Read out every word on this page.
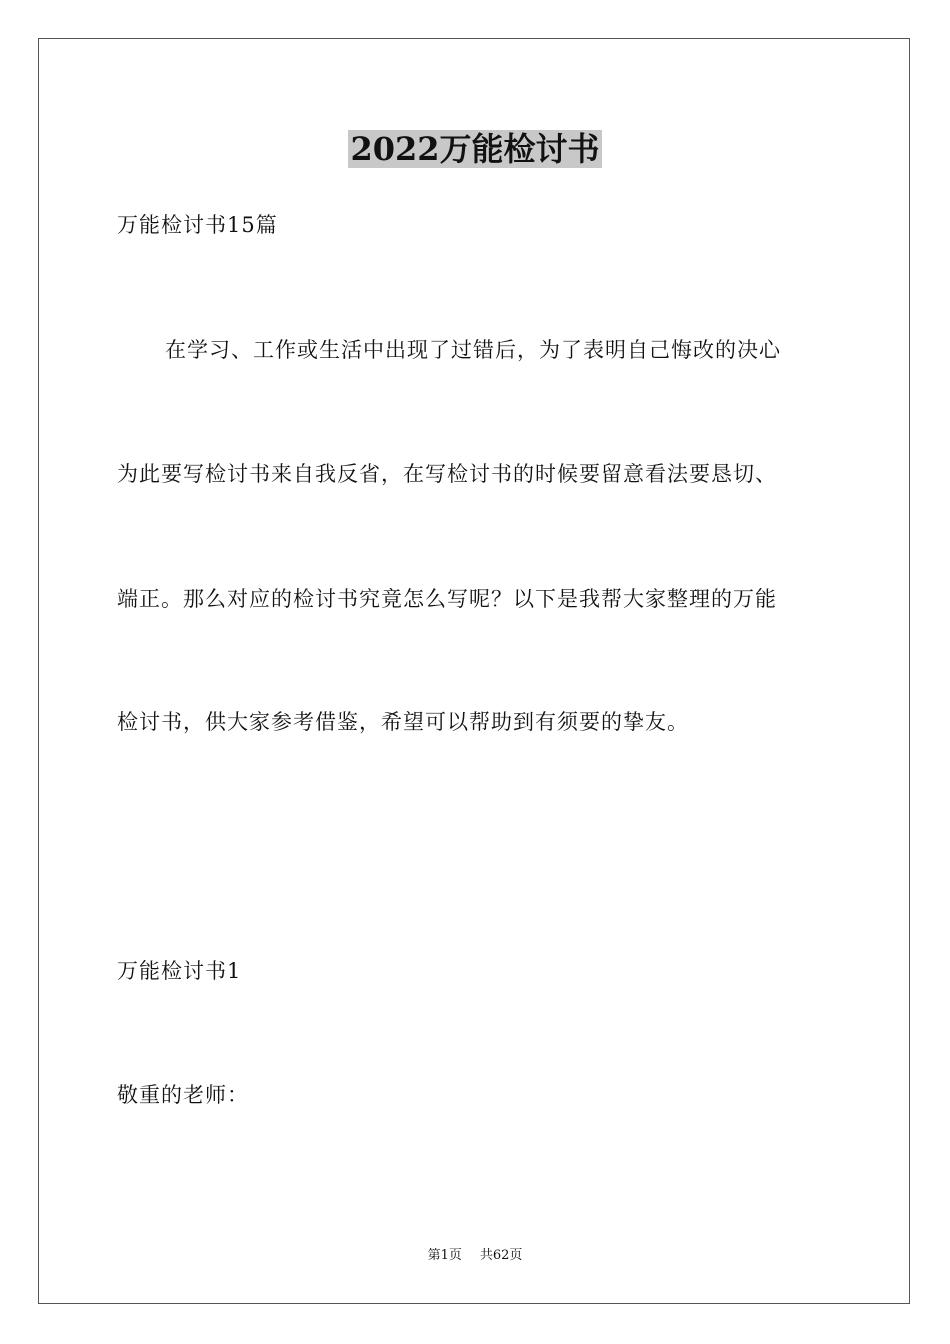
2022万能检讨书
万能检讨书15篇
在学习、工作或生活中出现了过错后，为了表明自己悔改的决心
为此要写检讨书来自我反省，在写检讨书的时候要留意看法要恳切、
端正。那么对应的检讨书究竟怎么写呢？以下是我帮大家整理的万能
检讨书，供大家参考借鉴，希望可以帮助到有须要的挚友。
万能检讨书1
敬重的老师：
第1页 共62页
